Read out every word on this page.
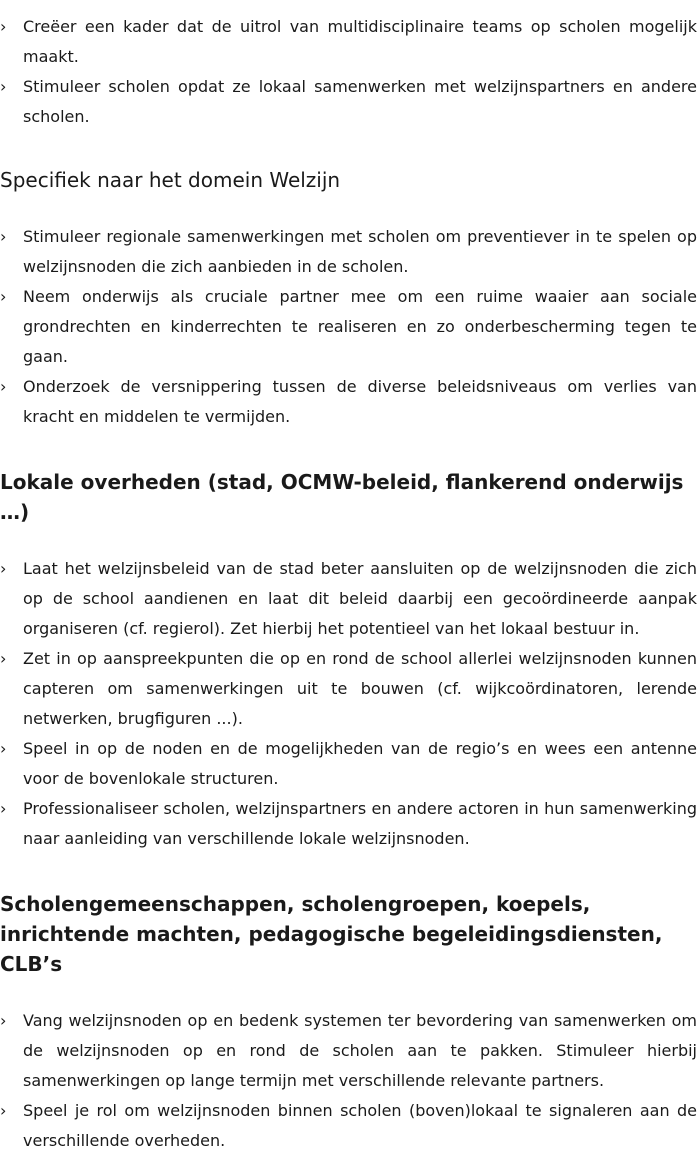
›	Creëer een kader dat de uitrol van multidisciplinaire teams op scholen mogelijk maakt.
›	Stimuleer scholen opdat ze lokaal samenwerken met welzijnspartners en andere scholen.
Specifiek naar het domein Welzijn
›	Stimuleer regionale samenwerkingen met scholen om preventiever in te spelen op welzijnsnoden die zich aanbieden in de scholen.
›	Neem onderwijs als cruciale partner mee om een ruime waaier aan sociale grondrechten en kinderrechten te realiseren en zo onderbescherming tegen te gaan.
›	Onderzoek de versnippering tussen de diverse beleidsniveaus om verlies van kracht en middelen te vermijden.
Lokale overheden (stad, OCMW-beleid, flankerend onderwijs …)
›	Laat het welzijnsbeleid van de stad beter aansluiten op de welzijnsnoden die zich op de school aandienen en laat dit beleid daarbij een gecoördineerde aanpak organiseren (cf. regierol). Zet hierbij het potentieel van het lokaal bestuur in.
›	Zet in op aanspreekpunten die op en rond de school allerlei welzijnsnoden kunnen capteren om samenwerkingen uit te bouwen (cf. wijkcoördinatoren, lerende netwerken, brugfiguren ...).
›	Speel in op de noden en de mogelijkheden van de regio’s en wees een antenne voor de bovenlokale structuren.
›	Professionaliseer scholen, welzijnspartners en andere actoren in hun samenwerking naar aanleiding van verschillende lokale welzijnsnoden.
Scholengemeenschappen, scholengroepen, koepels, inrichtende machten, pedagogische begeleidingsdiensten, CLB’s
›	Vang welzijnsnoden op en bedenk systemen ter bevordering van samenwerken om de welzijnsnoden op en rond de scholen aan te pakken. Stimuleer hierbij samenwerkingen op lange termijn met verschillende relevante partners.
›	Speel je rol om welzijnsnoden binnen scholen (boven)lokaal te signaleren aan de verschillende overheden.
